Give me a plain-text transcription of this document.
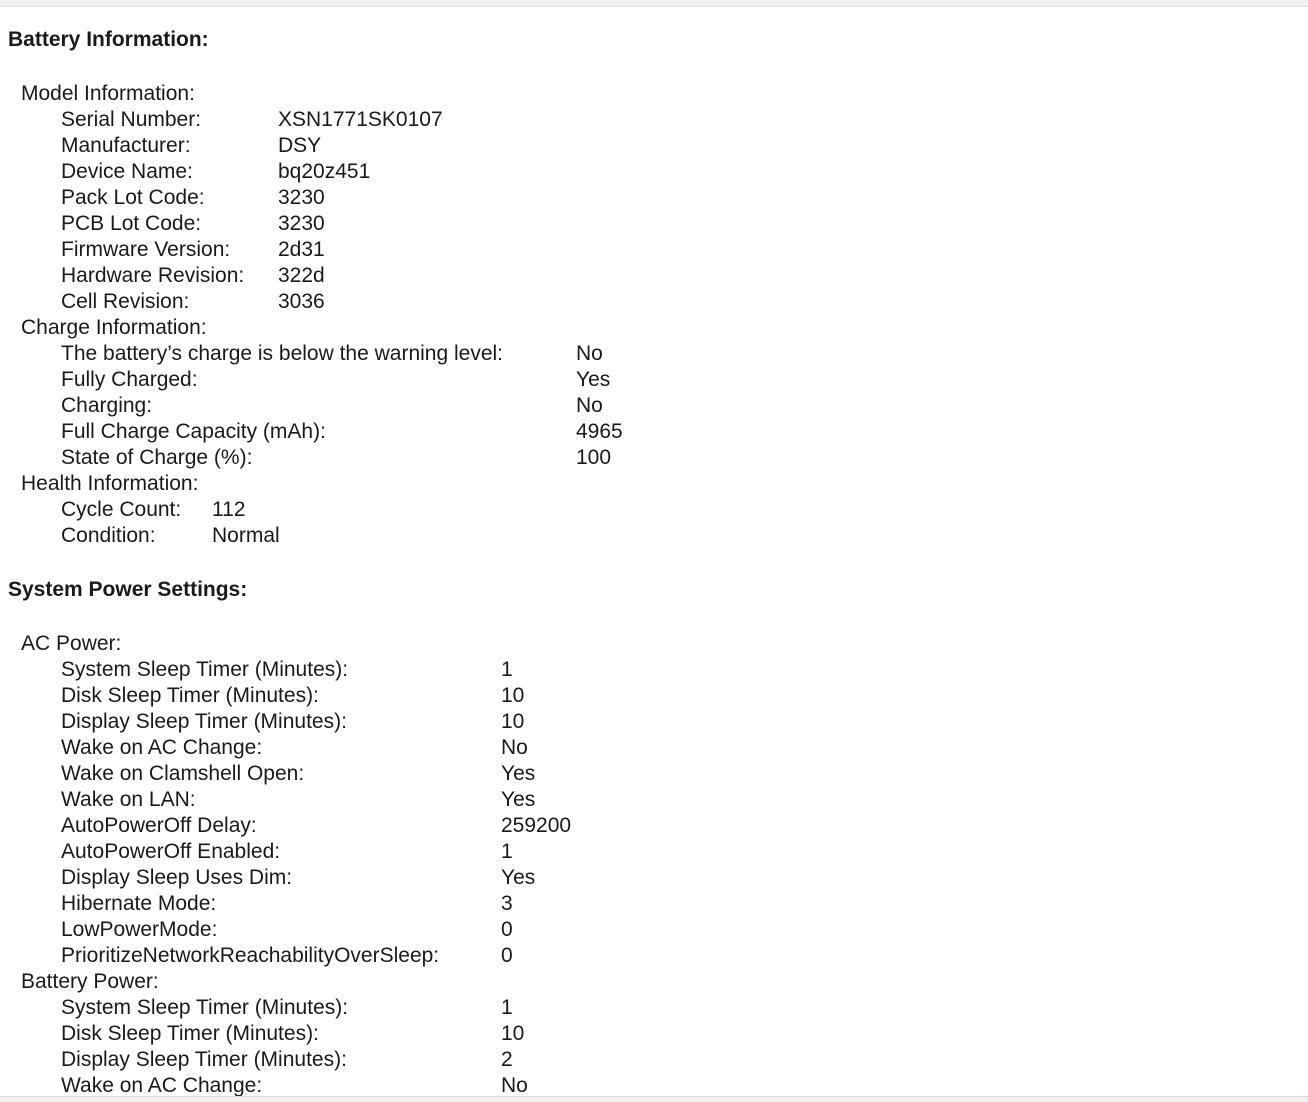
Battery Information:
Model Information:
Serial Number:	XSN1771SK0107
Manufacturer:	DSY
Device Name:	bq20z451
Pack Lot Code:	3230
PCB Lot Code:	3230
Firmware Version: 2d31
Hardware Revision: 322d
Cell Revision:	3036
Charge Information:
The battery’s charge is below the warning level:	No
Fully Charged:	Yes
Charging:	No
Full Charge Capacity (mAh):	4965
State of Charge (%):	100
Health Information:
Cycle Count: 112
Condition:	Normal
System Power Settings:
AC Power:
System Sleep Timer (Minutes):	1
Disk Sleep Timer (Minutes):	10
Display Sleep Timer (Minutes):	10
Wake on AC Change:	No
Wake on Clamshell Open:	Yes
Wake on LAN:	Yes
AutoPowerOff Delay:	259200
AutoPowerOff Enabled:	1
Display Sleep Uses Dim:	Yes
Hibernate Mode:	3
LowPowerMode:	0
PrioritizeNetworkReachabilityOverSleep:	0
Battery Power:
System Sleep Timer (Minutes):	1
Disk Sleep Timer (Minutes):	10
Display Sleep Timer (Minutes):	2
Wake on AC Change:	No
